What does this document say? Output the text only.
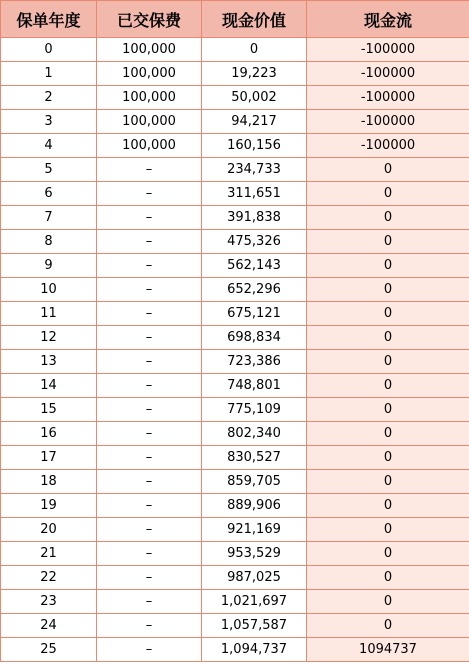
保单年度	已交保费	现金价值	现金流
0	100,000	0	-100000
1	100,000	19,223	-100000
2	100,000	50,002	-100000
3	100,000	94,217	-100000
4	100,000	160,156	-100000
5	–	234,733	0
6	–	311,651	0
7	–	391,838	0
8	–	475,326	0
9	–	562,143	0
10	–	652,296	0
11	–	675,121	0
12	–	698,834	0
13	–	723,386	0
14	–	748,801	0
15	–	775,109	0
16	–	802,340	0
17	–	830,527	0
18	–	859,705	0
19	–	889,906	0
20	–	921,169	0
21	–	953,529	0
22	–	987,025	0
23	–	1,021,697	0
24	–	1,057,587	0
25	–	1,094,737	1094737
